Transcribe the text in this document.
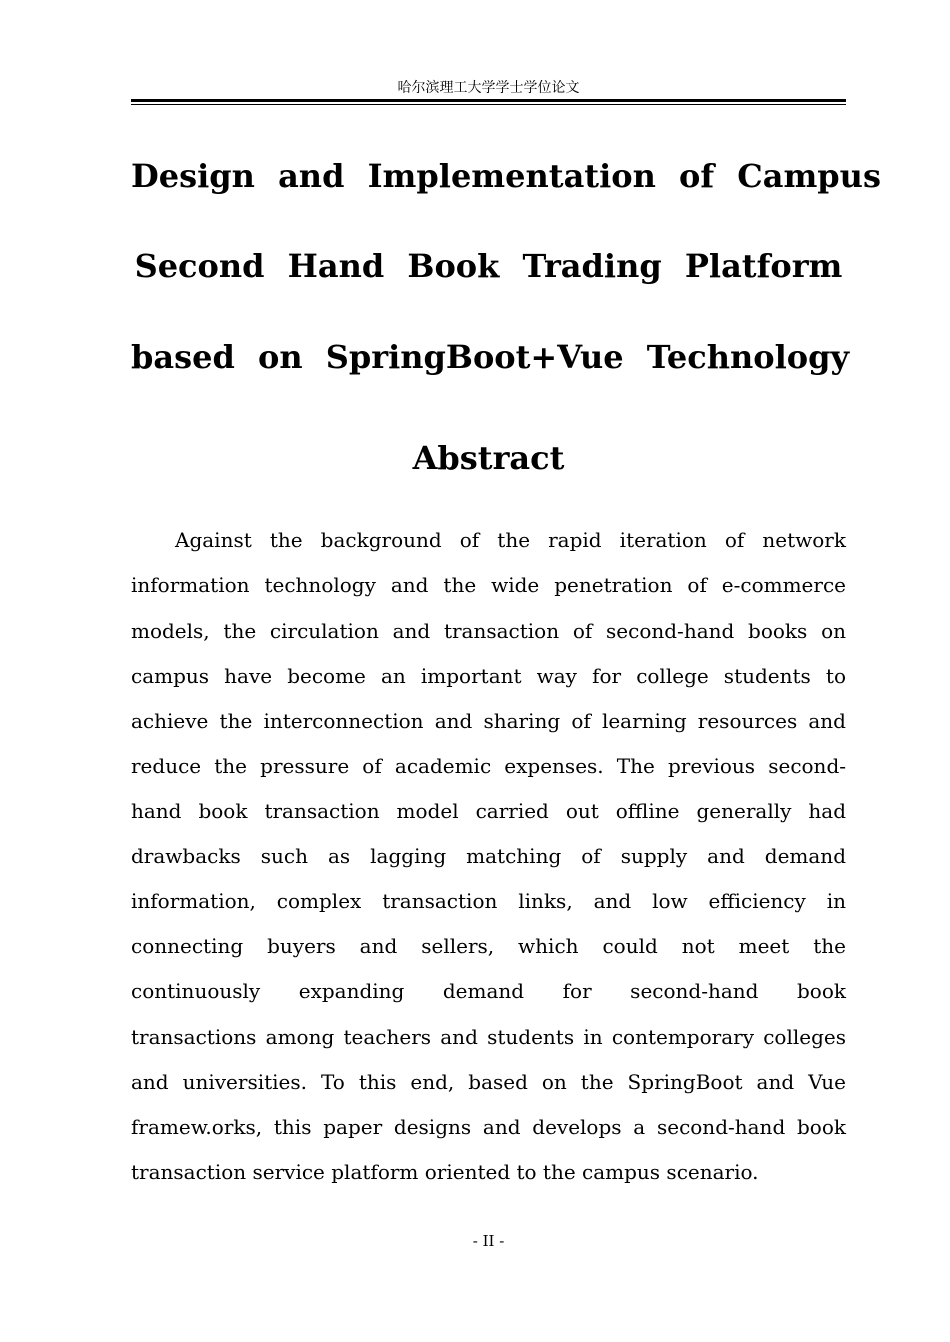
哈尔滨理工大学学士学位论文
Design and Implementation of Campus
Second Hand Book Trading Platform
based on SpringBoot+Vue Technology
Abstract
Against the background of the rapid iteration of network
information technology and the wide penetration of e-commerce
models, the circulation and transaction of second-hand books on
campus have become an important way for college students to
achieve the interconnection and sharing of learning resources and
reduce the pressure of academic expenses. The previous second-
hand book transaction model carried out offline generally had
drawbacks such as lagging matching of supply and demand
information, complex transaction links, and low efficiency in
connecting buyers and sellers, which could not meet the
continuously expanding demand for second-hand book
transactions among teachers and students in contemporary colleges
and universities. To this end, based on the SpringBoot and Vue
framew.orks, this paper designs and develops a second-hand book
transaction service platform oriented to the campus scenario.
- II -
